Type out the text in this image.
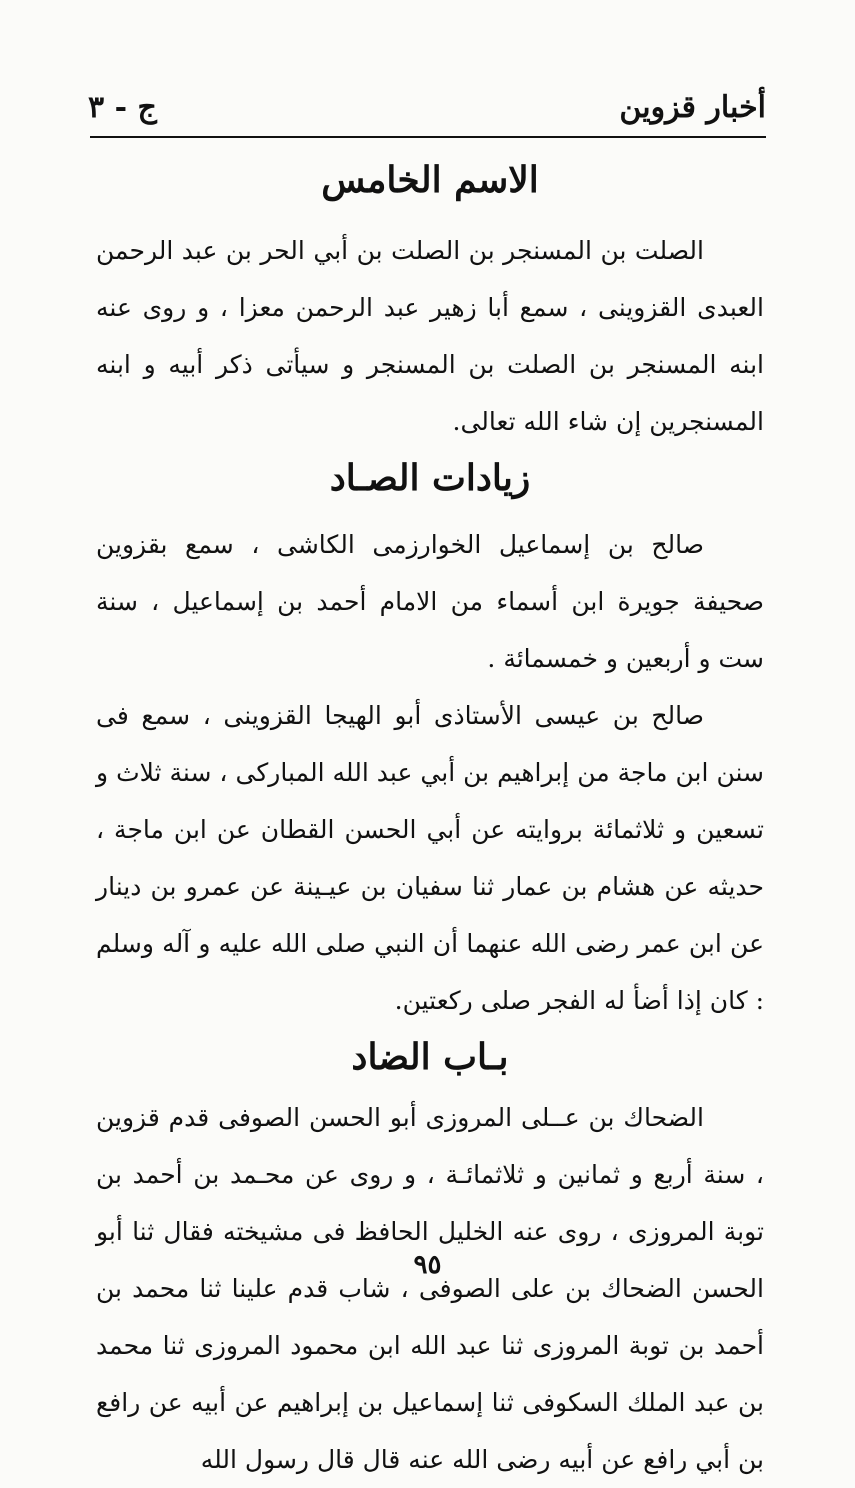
أخبار قزوين
ج - ٣
الاسم الخامس

الصلت بن المسنجر بن الصلت بن أبي الحر بن عبد الرحمن العبدى القزوينى ، سمع أبا زهير عبد الرحمن معزا ، و روى عنه ابنه المسنجر بن الصلت بن المسنجر و سيأتى ذكر أبيه و ابنه المسنجرين إن شاء الله تعالى.

زيادات الصـاد

صالح بن إسماعيل الخوارزمى الكاشى ، سمع بقزوين صحيفة جويرة ابن أسماء من الامام أحمد بن إسماعيل ، سنة ست و أربعين و خمسمائة .

صالح بن عيسى الأستاذى أبو الهيجا القزوينى ، سمع فى سنن ابن ماجة من إبراهيم بن أبي عبد الله المباركى ، سنة ثلاث و تسعين و ثلاثمائة بروايته عن أبي الحسن القطان عن ابن ماجة ، حديثه عن هشام بن عمار ثنا سفيان بن عيـينة عن عمرو بن دينار عن ابن عمر رضى الله عنهما أن النبي صلى الله عليه و آله وسلم : كان إذا أضأ له الفجر صلى ركعتين.

بـاب الضاد

الضحاك بن عــلى المروزى أبو الحسن الصوفى قدم قزوين ، سنة أربع و ثمانين و ثلاثمائـة ، و روى عن محـمد بن أحمد بن توبة المروزى ، روى عنه الخليل الحافظ فى مشيخته فقال ثنا أبو الحسن الضحاك بن على الصوفى ، شاب قدم علينا ثنا محمد بن أحمد بن توبة المروزى ثنا عبد الله ابن محمود المروزى ثنا محمد بن عبد الملك السكوفى ثنا إسماعيل بن إبراهيم عن أبيه عن رافع بن أبي رافع عن أبيه رضى الله عنه قال قال رسول الله

٩٥
